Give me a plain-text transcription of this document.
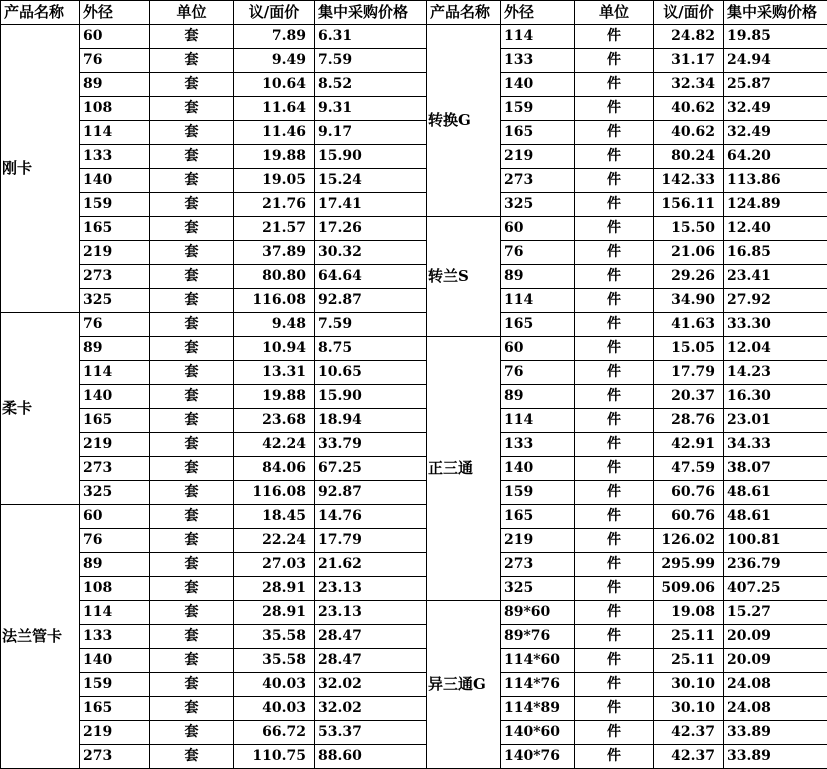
产品名称	外径	单位	议/面价	集中采购价格
刚卡	60	套	7.89	6.31
	76	套	9.49	7.59
	89	套	10.64	8.52
	108	套	11.64	9.31
	114	套	11.46	9.17
	133	套	19.88	15.90
	140	套	19.05	15.24
	159	套	21.76	17.41
	165	套	21.57	17.26
	219	套	37.89	30.32
	273	套	80.80	64.64
	325	套	116.08	92.87
柔卡	76	套	9.48	7.59
	89	套	10.94	8.75
	114	套	13.31	10.65
	140	套	19.88	15.90
	165	套	23.68	18.94
	219	套	42.24	33.79
	273	套	84.06	67.25
	325	套	116.08	92.87
法兰管卡	60	套	18.45	14.76
	76	套	22.24	17.79
	89	套	27.03	21.62
	108	套	28.91	23.13
	114	套	28.91	23.13
	133	套	35.58	28.47
	140	套	35.58	28.47
	159	套	40.03	32.02
	165	套	40.03	32.02
	219	套	66.72	53.37
	273	套	110.75	88.60
产品名称	外径	单位	议/面价	集中采购价格
转换G	114	件	24.82	19.85
	133	件	31.17	24.94
	140	件	32.34	25.87
	159	件	40.62	32.49
	165	件	40.62	32.49
	219	件	80.24	64.20
	273	件	142.33	113.86
	325	件	156.11	124.89
转兰S	60	件	15.50	12.40
	76	件	21.06	16.85
	89	件	29.26	23.41
	114	件	34.90	27.92
	165	件	41.63	33.30
正三通	60	件	15.05	12.04
	76	件	17.79	14.23
	89	件	20.37	16.30
	114	件	28.76	23.01
	133	件	42.91	34.33
	140	件	47.59	38.07
	159	件	60.76	48.61
	165	件	60.76	48.61
	219	件	126.02	100.81
	273	件	295.99	236.79
	325	件	509.06	407.25
异三通G	89*60	件	19.08	15.27
	89*76	件	25.11	20.09
	114*60	件	25.11	20.09
	114*76	件	30.10	24.08
	114*89	件	30.10	24.08
	140*60	件	42.37	33.89
	140*76	件	42.37	33.89
